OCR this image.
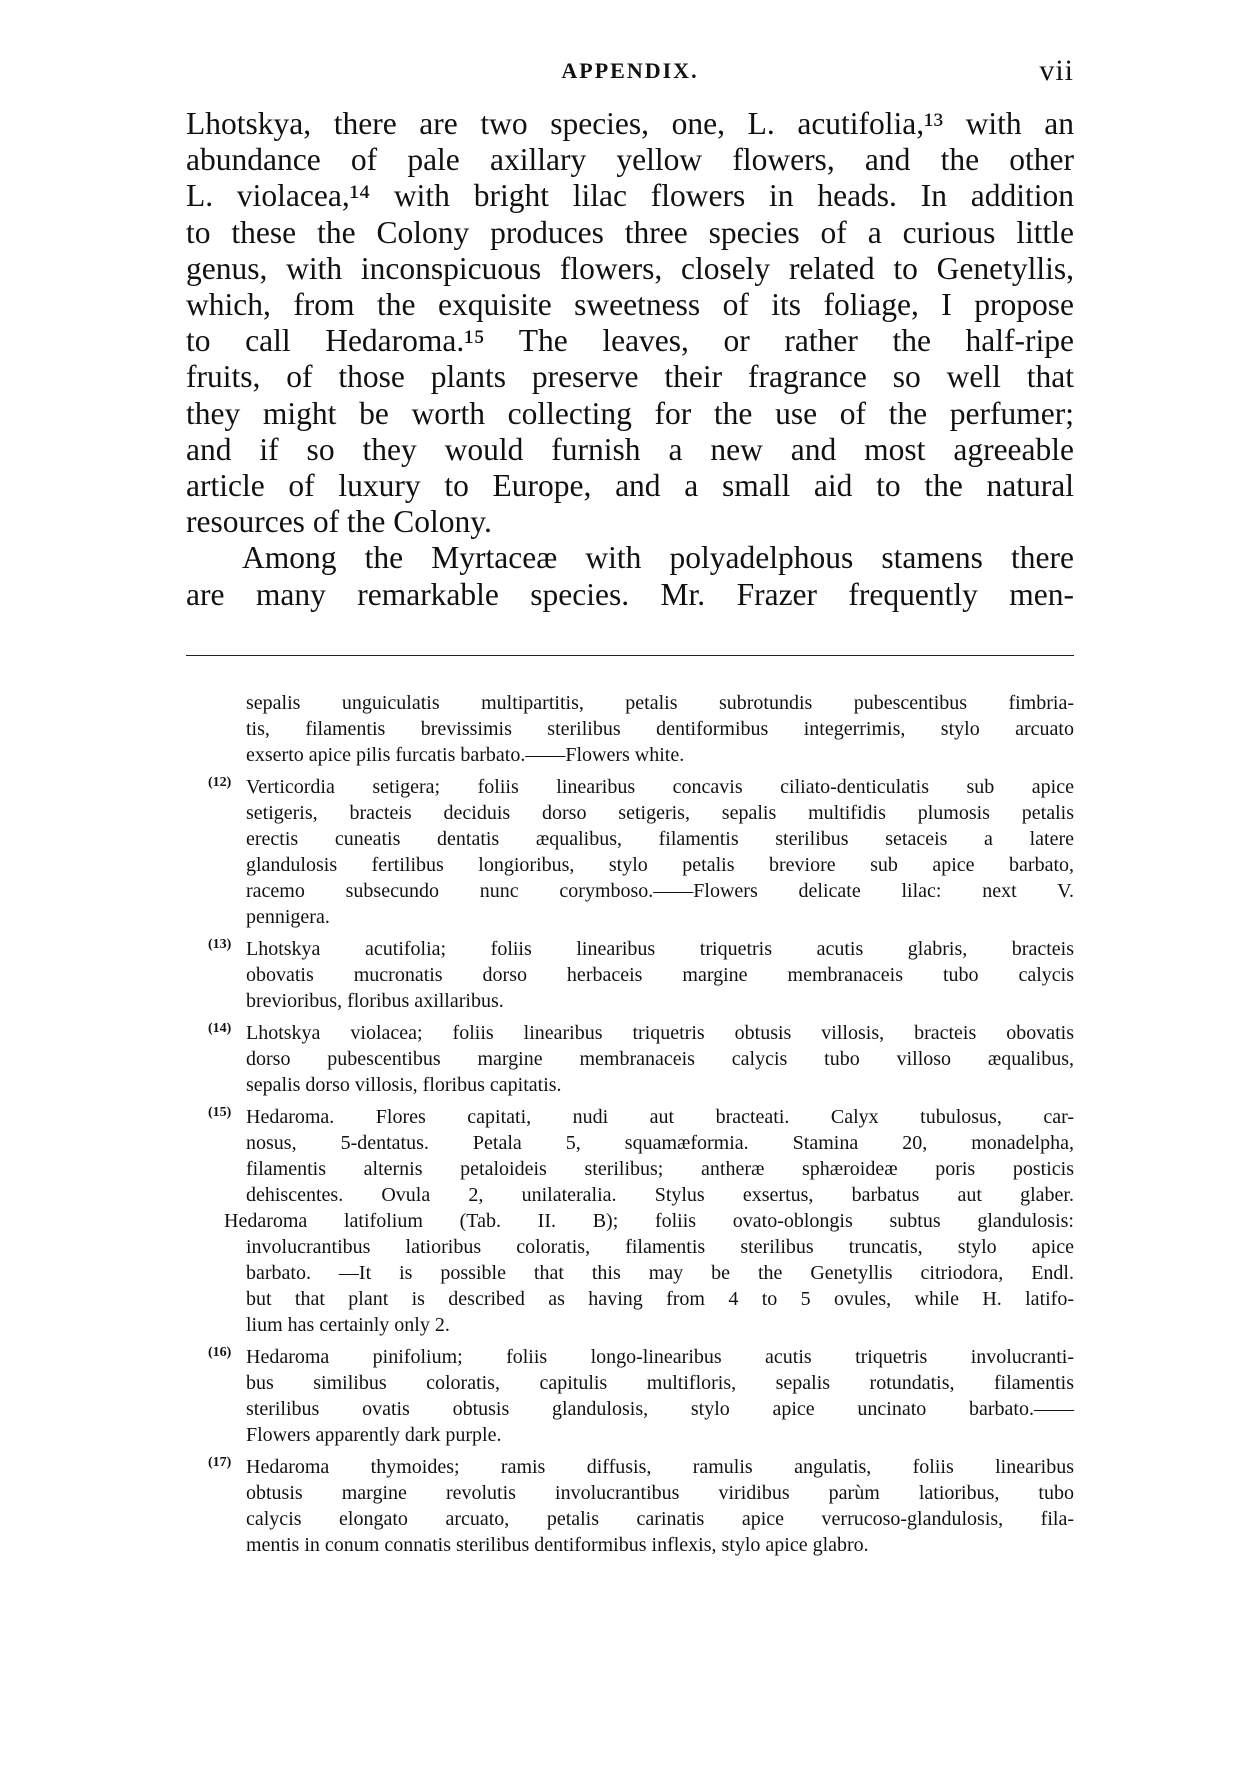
APPENDIX.	vii
Lhotskya, there are two species, one, L. acutifolia,¹³ with an
abundance of pale axillary yellow flowers, and the other
L. violacea,¹⁴ with bright lilac flowers in heads. In addition
to these the Colony produces three species of a curious little
genus, with inconspicuous flowers, closely related to Genetyllis,
which, from the exquisite sweetness of its foliage, I propose
to call Hedaroma.¹⁵ The leaves, or rather the half-ripe
fruits, of those plants preserve their fragrance so well that
they might be worth collecting for the use of the perfumer;
and if so they would furnish a new and most agreeable
article of luxury to Europe, and a small aid to the natural
resources of the Colony.
Among the Myrtaceæ with polyadelphous stamens there
are many remarkable species. Mr. Frazer frequently men-
sepalis unguiculatis multipartitis, petalis subrotundis pubescentibus fimbria-
tis, filamentis brevissimis sterilibus dentiformibus integerrimis, stylo arcuato
exserto apice pilis furcatis barbato.——Flowers white.
(12) Verticordia setigera; foliis linearibus concavis ciliato-denticulatis sub apice
setigeris, bracteis deciduis dorso setigeris, sepalis multifidis plumosis petalis
erectis cuneatis dentatis æqualibus, filamentis sterilibus setaceis a latere
glandulosis fertilibus longioribus, stylo petalis breviore sub apice barbato,
racemo subsecundo nunc corymboso.——Flowers delicate lilac: next V.
pennigera.
(13) Lhotskya acutifolia; foliis linearibus triquetris acutis glabris, bracteis
obovatis mucronatis dorso herbaceis margine membranaceis tubo calycis
brevioribus, floribus axillaribus.
(14) Lhotskya violacea; foliis linearibus triquetris obtusis villosis, bracteis obovatis
dorso pubescentibus margine membranaceis calycis tubo villoso æqualibus,
sepalis dorso villosis, floribus capitatis.
(15) Hedaroma. Flores capitati, nudi aut bracteati. Calyx tubulosus, car-
nosus, 5-dentatus. Petala 5, squamæformia. Stamina 20, monadelpha,
filamentis alternis petaloideis sterilibus; antheræ sphæroideæ poris posticis
dehiscentes. Ovula 2, unilateralia. Stylus exsertus, barbatus aut glaber.
Hedaroma latifolium (Tab. II. B); foliis ovato-oblongis subtus glandulosis:
involucrantibus latioribus coloratis, filamentis sterilibus truncatis, stylo apice
barbato. —It is possible that this may be the Genetyllis citriodora, Endl.
but that plant is described as having from 4 to 5 ovules, while H. latifo-
lium has certainly only 2.
(16) Hedaroma pinifolium; foliis longo-linearibus acutis triquetris involucranti-
bus similibus coloratis, capitulis multifloris, sepalis rotundatis, filamentis
sterilibus ovatis obtusis glandulosis, stylo apice uncinato barbato.——
Flowers apparently dark purple.
(17) Hedaroma thymoides; ramis diffusis, ramulis angulatis, foliis linearibus
obtusis margine revolutis involucrantibus viridibus parùm latioribus, tubo
calycis elongato arcuato, petalis carinatis apice verrucoso-glandulosis, fila-
mentis in conum connatis sterilibus dentiformibus inflexis, stylo apice glabro.
